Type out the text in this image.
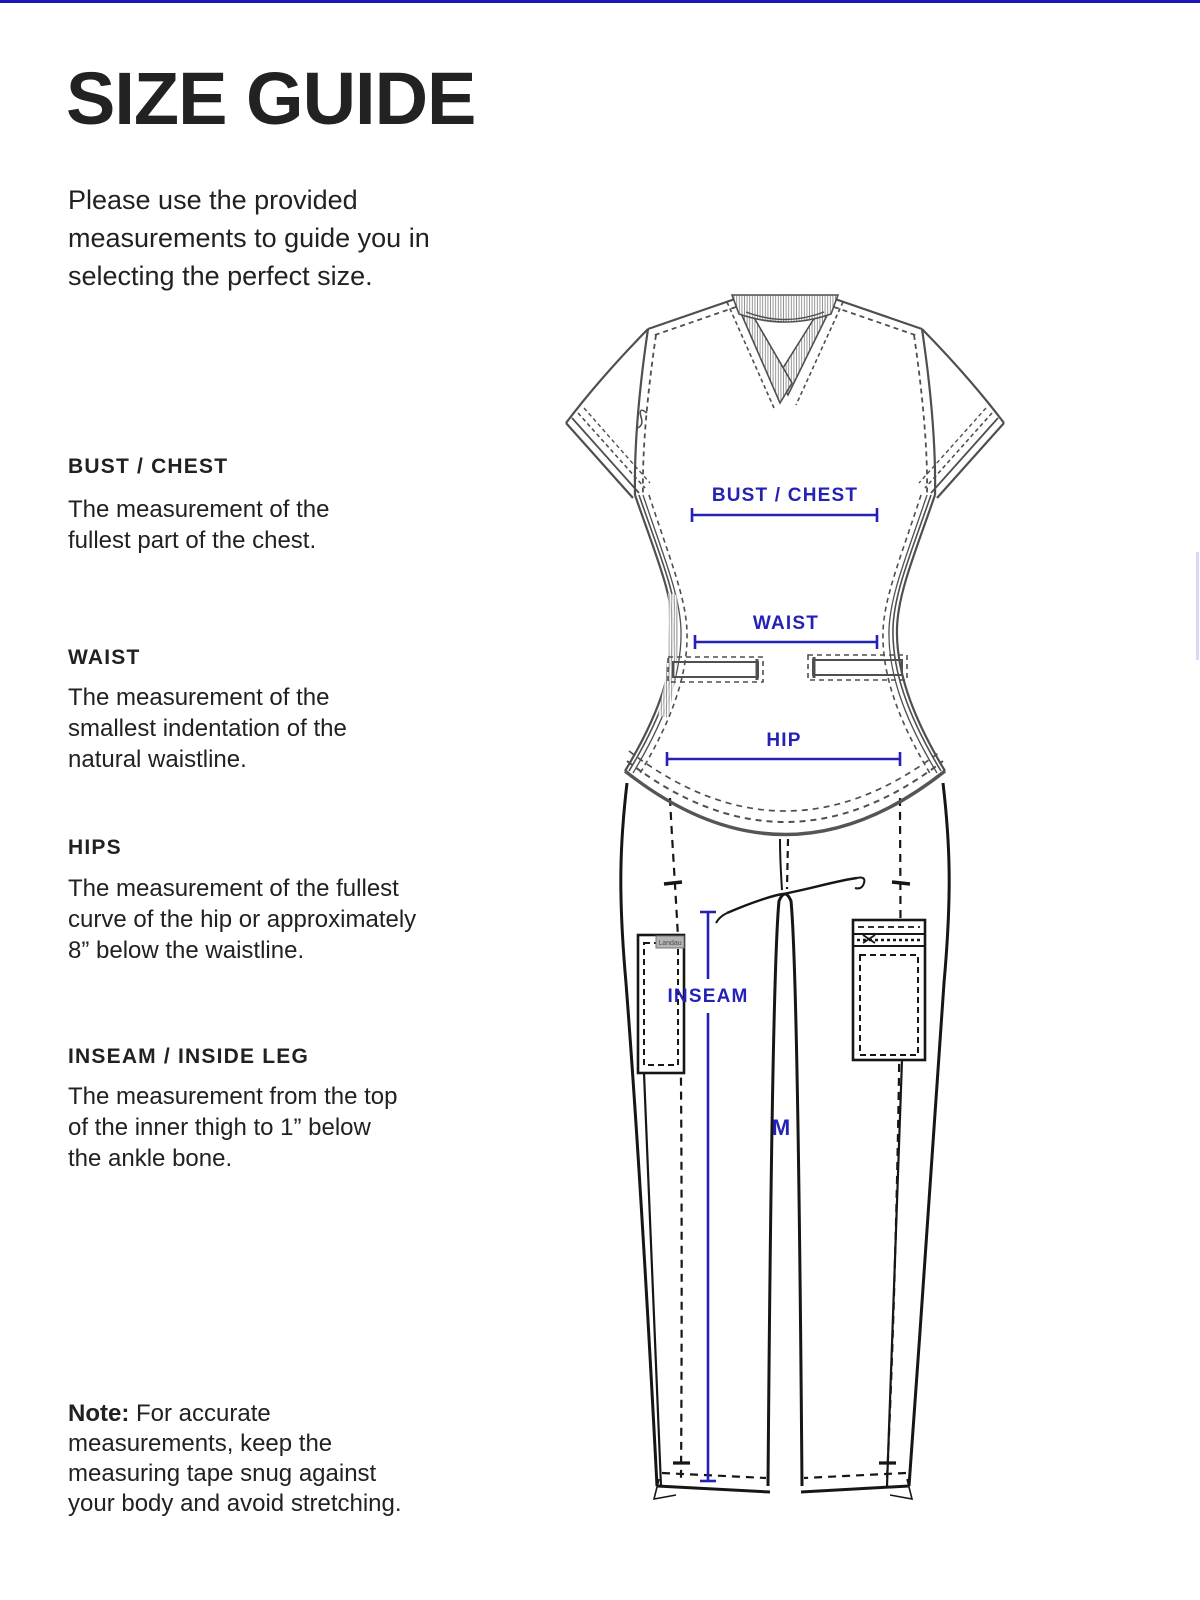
SIZE GUIDE
Please use the provided
measurements to guide you in
selecting the perfect size.
BUST / CHEST
The measurement of the
fullest part of the chest.
WAIST
The measurement of the
smallest indentation of the
natural waistline.
HIPS
The measurement of the fullest
curve of the hip or approximately
8” below the waistline.
INSEAM / INSIDE LEG
The measurement from the top
of the inner thigh to 1” below
the ankle bone.
Note: For accurate
measurements, keep the
measuring tape snug against
your body and avoid stretching.
BUST / CHEST
WAIST
HIP
INSEAM
M
Landau
